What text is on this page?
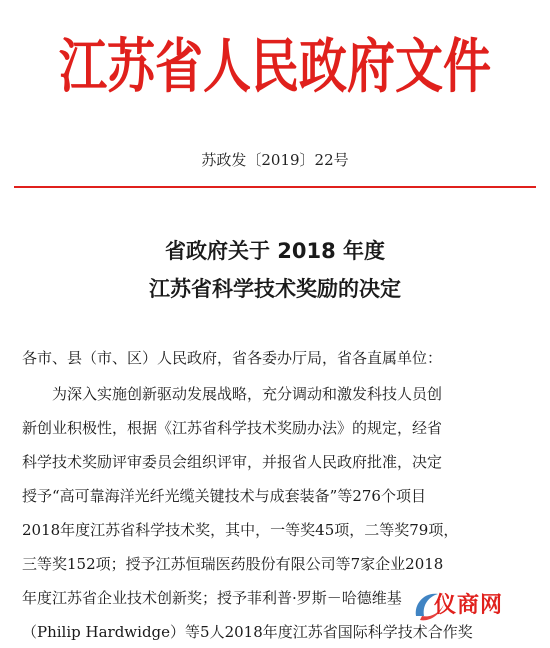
江苏省人民政府文件
苏政发〔2019〕22号
省政府关于 2018 年度
江苏省科学技术奖励的决定
各市、县（市、区）人民政府，省各委办厅局，省各直属单位：
　　为深入实施创新驱动发展战略，充分调动和激发科技人员创
新创业积极性，根据《江苏省科学技术奖励办法》的规定，经省
科学技术奖励评审委员会组织评审，并报省人民政府批准，决定
授予“高可靠海洋光纤光缆关键技术与成套装备”等276个项目
2018年度江苏省科学技术奖，其中，一等奖45项，二等奖79项，
三等奖152项；授予江苏恒瑞医药股份有限公司等7家企业2018
年度江苏省企业技术创新奖；授予菲利普·罗斯－哈德维基
（Philip Hardwidge）等5人2018年度江苏省国际科学技术合作奖
仪商网
